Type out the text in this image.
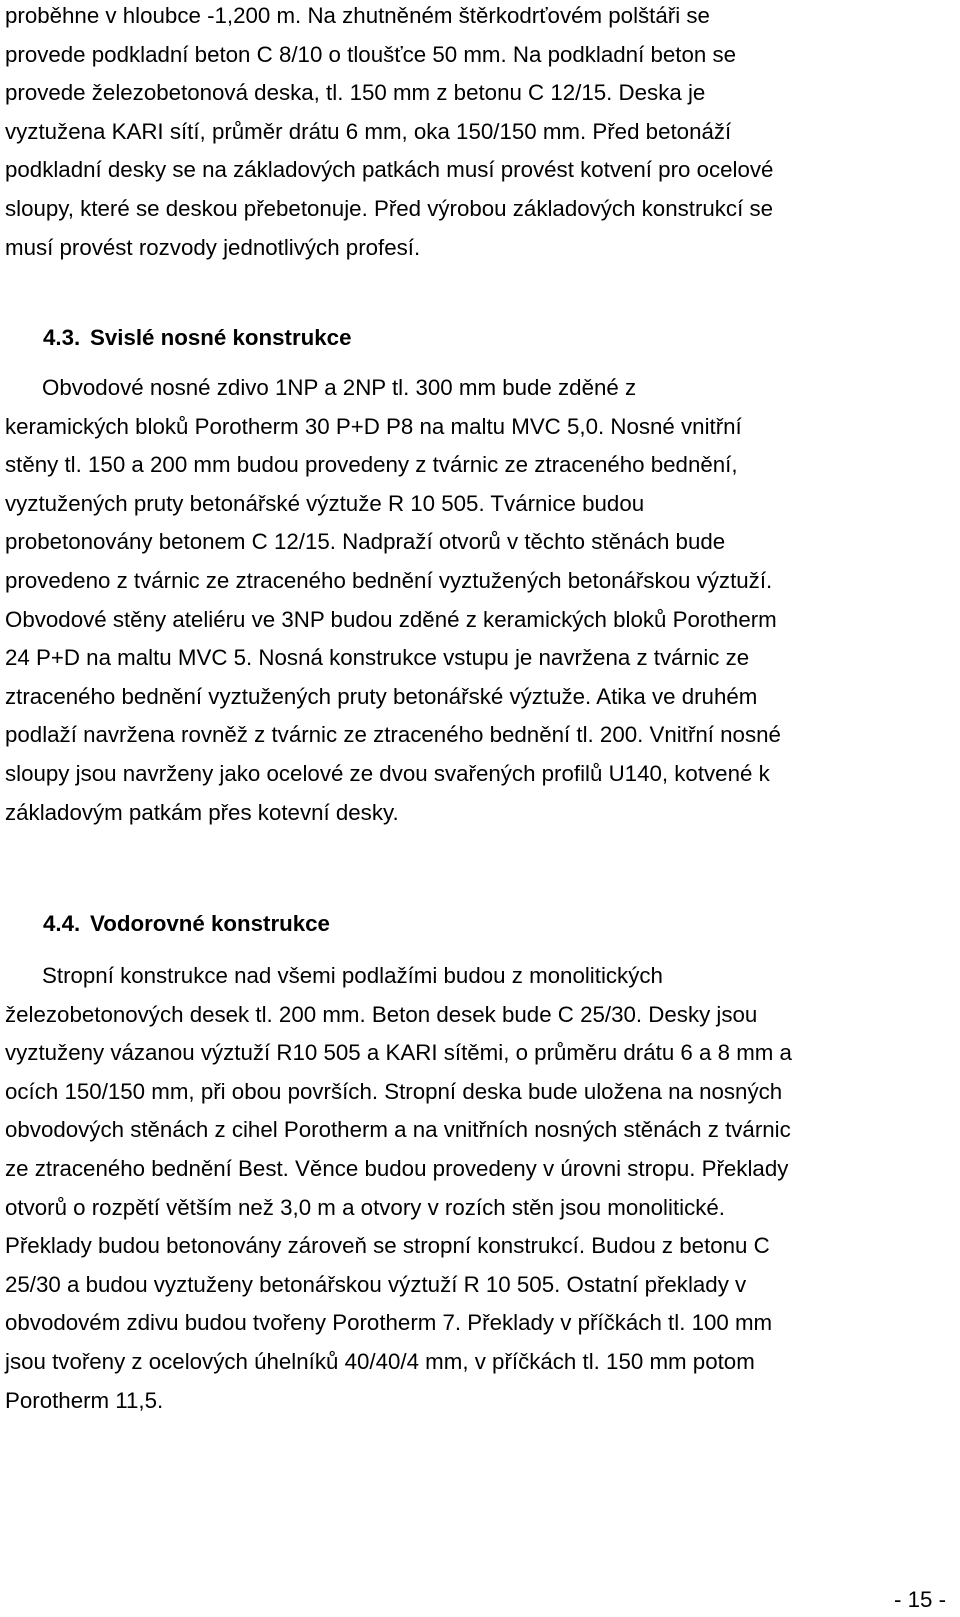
proběhne v hloubce -1,200 m. Na zhutněném štěrkodrťovém polštáři se
provede podkladní beton C 8/10 o tloušťce 50 mm. Na podkladní beton se
provede železobetonová deska, tl. 150 mm z betonu C 12/15. Deska je
vyztužena KARI sítí, průměr drátu 6 mm, oka 150/150 mm. Před betonáží
podkladní desky se na základových patkách musí provést kotvení pro ocelové
sloupy, které se deskou přebetonuje. Před výrobou základových konstrukcí se
musí provést rozvody jednotlivých profesí.
4.3. Svislé nosné konstrukce
Obvodové nosné zdivo 1NP a 2NP tl. 300 mm bude zděné z
keramických bloků Porotherm 30 P+D P8 na maltu MVC 5,0. Nosné vnitřní
stěny tl. 150 a 200 mm budou provedeny z tvárnic ze ztraceného bednění,
vyztužených pruty betonářské výztuže R 10 505. Tvárnice budou
probetonovány betonem C 12/15. Nadpraží otvorů v těchto stěnách bude
provedeno z tvárnic ze ztraceného bednění vyztužených betonářskou výztuží.
Obvodové stěny ateliéru ve 3NP budou zděné z keramických bloků Porotherm
24 P+D na maltu MVC 5. Nosná konstrukce vstupu je navržena z tvárnic ze
ztraceného bednění vyztužených pruty betonářské výztuže. Atika ve druhém
podlaží navržena rovněž z tvárnic ze ztraceného bednění tl. 200. Vnitřní nosné
sloupy jsou navrženy jako ocelové ze dvou svařených profilů U140, kotvené k
základovým patkám přes kotevní desky.
4.4. Vodorovné konstrukce
Stropní konstrukce nad všemi podlažími budou z monolitických
železobetonových desek tl. 200 mm. Beton desek bude C 25/30. Desky jsou
vyztuženy vázanou výztuží R10 505 a KARI sítěmi, o průměru drátu 6 a 8 mm a
ocích 150/150 mm, při obou površích. Stropní deska bude uložena na nosných
obvodových stěnách z cihel Porotherm a na vnitřních nosných stěnách z tvárnic
ze ztraceného bednění Best. Věnce budou provedeny v úrovni stropu. Překlady
otvorů o rozpětí větším než 3,0 m a otvory v rozích stěn jsou monolitické.
Překlady budou betonovány zároveň se stropní konstrukcí. Budou z betonu C
25/30 a budou vyztuženy betonářskou výztuží R 10 505. Ostatní překlady v
obvodovém zdivu budou tvořeny Porotherm 7. Překlady v příčkách tl. 100 mm
jsou tvořeny z ocelových úhelníků 40/40/4 mm, v příčkách tl. 150 mm potom
Porotherm 11,5.
- 15 -
